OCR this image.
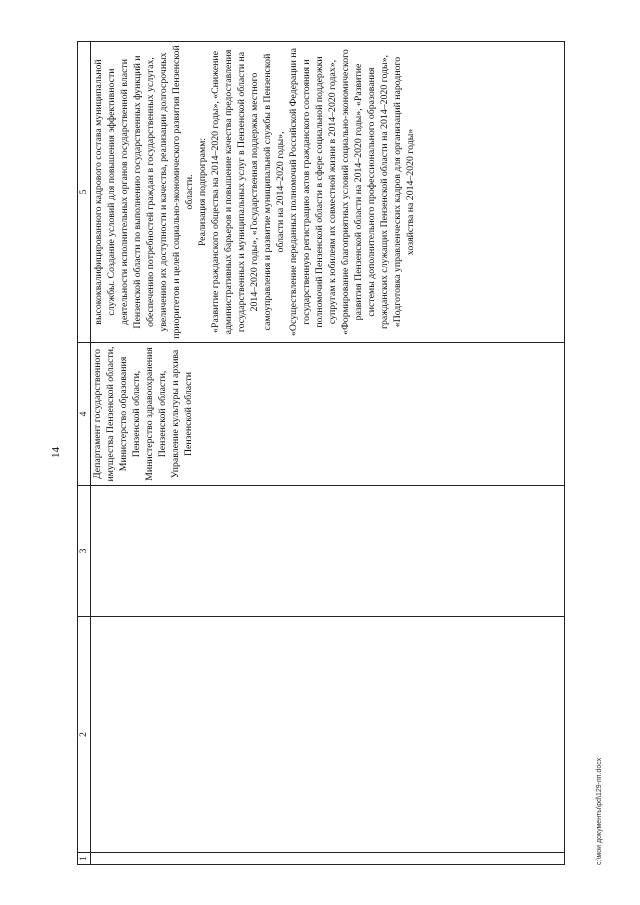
14
1	2	3	4	5
			Департамент государственного имущества Пензенской области, Министерство образования Пензенской области, Министерство здравоохранения Пензенской области, Управление культуры и архива Пензенской области	высококвалифицированного кадрового состава муниципальной службы. Создание условий для повышения эффективности деятельности исполнительных органов государственной власти Пензенской области по выполнению государственных функций и обеспечению потребностей граждан в государственных услугах, увеличению их доступности и качества, реализации долгосрочных приоритетов и целей социально-экономического развития Пензенской области. Реализация подпрограмм: «Развитие гражданского общества на 2014–2020 годы», «Снижение административных барьеров и повышение качества предоставления государственных и муниципальных услуг в Пензенской области на 2014–2020 годы», «Государственная поддержка местного самоуправления и развитие муниципальной службы в Пензенской области на 2014–2020 годы», «Осуществление переданных полномочий Российской Федерации на государственную регистрацию актов гражданского состояния и полномочий Пензенской области в сфере социальной поддержки супругам к юбилеям их совместной жизни в 2014–2020 годах», «Формирование благоприятных условий социально-экономического развития Пензенской области на 2014–2020 годы», «Развитие системы дополнительного профессионального образования гражданских служащих Пензенской области на 2014–2020 годы», «Подготовка управленческих кадров для организаций народного хозяйства на 2014–2020 годы»

c:\мои документы\рd\129-пп.docx
